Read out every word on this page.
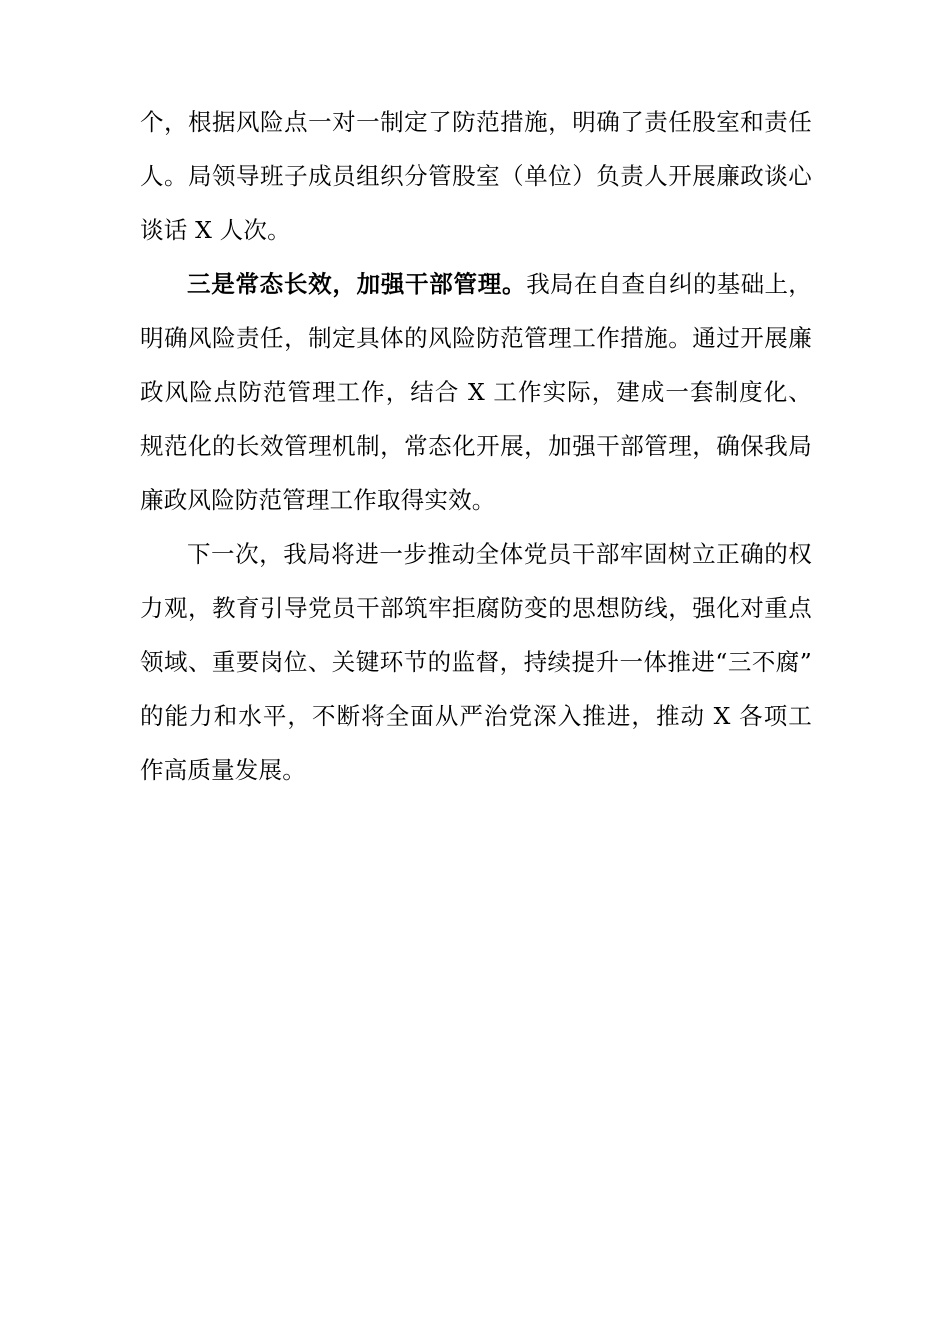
个，根据风险点一对一制定了防范措施，明确了责任股室和责任人。局领导班子成员组织分管股室（单位）负责人开展廉政谈心谈话 X 人次。

三是常态长效，加强干部管理。我局在自查自纠的基础上，明确风险责任，制定具体的风险防范管理工作措施。通过开展廉政风险点防范管理工作，结合 X 工作实际，建成一套制度化、规范化的长效管理机制，常态化开展，加强干部管理，确保我局廉政风险防范管理工作取得实效。

下一次，我局将进一步推动全体党员干部牢固树立正确的权力观，教育引导党员干部筑牢拒腐防变的思想防线，强化对重点领域、重要岗位、关键环节的监督，持续提升一体推进“三不腐”的能力和水平，不断将全面从严治党深入推进，推动 X 各项工作高质量发展。
